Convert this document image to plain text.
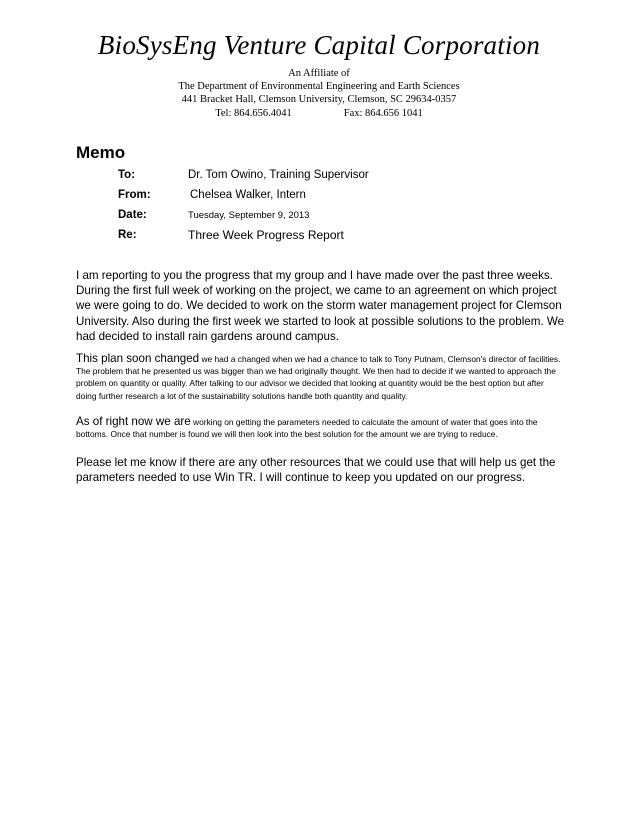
BioSysEng Venture Capital Corporation
An Affiliate of
The Department of Environmental Engineering and Earth Sciences
441 Bracket Hall, Clemson University, Clemson, SC 29634-0357
Tel: 864.656.4041	Fax: 864.656 1041
Memo
To:	Dr. Tom Owino, Training Supervisor
From:	Chelsea Walker, Intern
Date:	Tuesday, September 9, 2013
Re:	Three Week Progress Report

I am reporting to you the progress that my group and I have made over the past three weeks. During the first full week of working on the project, we came to an agreement on which project we were going to do. We decided to work on the storm water management project for Clemson University. Also during the first week we started to look at possible solutions to the problem. We had decided to install rain gardens around campus.

This plan soon changed we had a changed when we had a chance to talk to Tony Putnam, Clemson's director of facilities. The problem that he presented us was bigger than we had originally thought. We then had to decide if we wanted to approach the problem on quantity or quality. After talking to our advisor we decided that looking at quantity would be the best option but after doing further research a lot of the sustainability solutions handle both quantity and quality.

As of right now we are working on getting the parameters needed to calculate the amount of water that goes into the bottoms. Once that number is found we will then look into the best solution for the amount we are trying to reduce.

Please let me know if there are any other resources that we could use that will help us get the parameters needed to use Win TR. I will continue to keep you updated on our progress.
